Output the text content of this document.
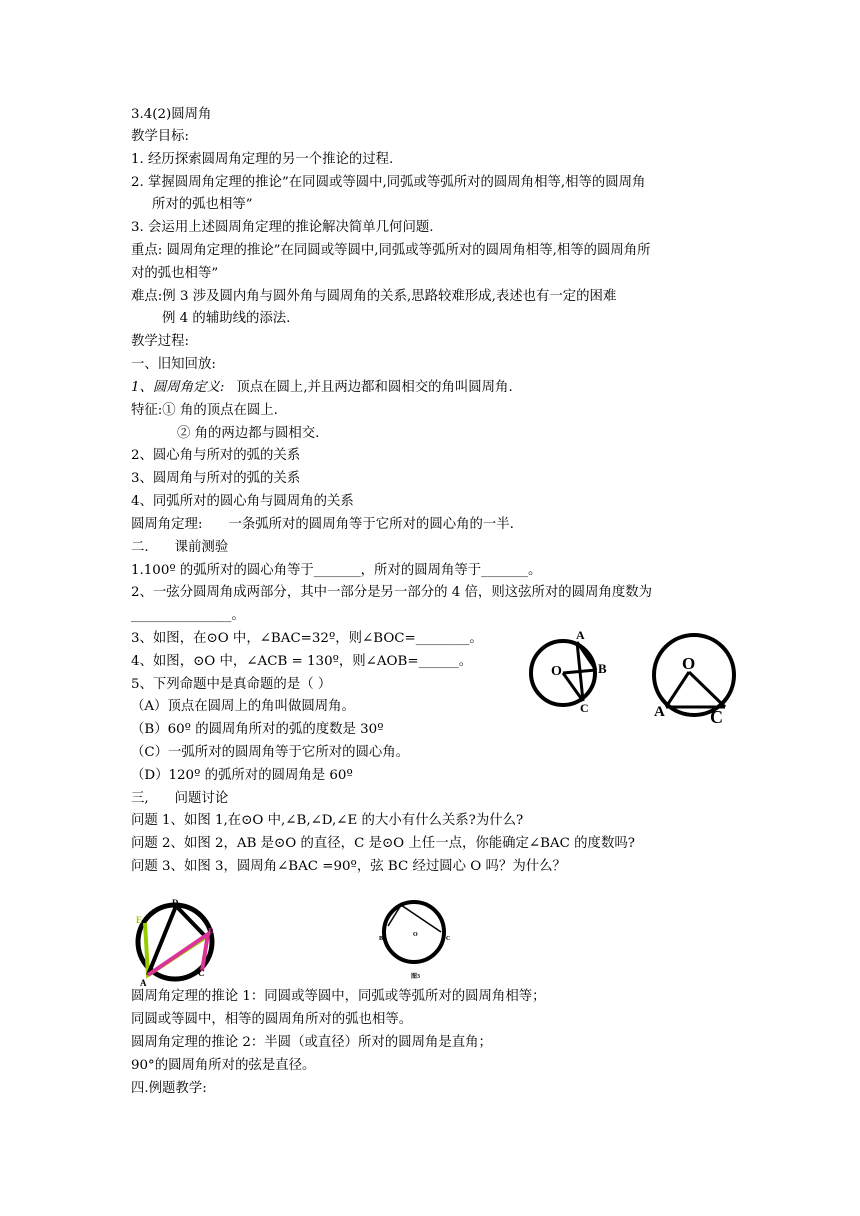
3.4(2)圆周角
教学目标:
1. 经历探索圆周角定理的另一个推论的过程.
2. 掌握圆周角定理的推论”在同圆或等圆中,同弧或等弧所对的圆周角相等,相等的圆周角
所对的弧也相等”
3. 会运用上述圆周角定理的推论解决简单几何问题.
重点: 圆周角定理的推论”在同圆或等圆中,同弧或等弧所对的圆周角相等,相等的圆周角所
对的弧也相等”
难点:例 3 涉及圆内角与圆外角与圆周角的关系,思路较难形成,表述也有一定的困难
例 4 的辅助线的添法.
教学过程:
一、旧知回放:
1、圆周角定义: 顶点在圆上,并且两边都和圆相交的角叫圆周角.
特征:① 角的顶点在圆上.
② 角的两边都与圆相交.
2、圆心角与所对的弧的关系
3、圆周角与所对的弧的关系
4、同弧所对的圆心角与圆周角的关系
圆周角定理: 一条弧所对的圆周角等于它所对的圆心角的一半.
二. 课前测验
1.100º 的弧所对的圆心角等于_______，所对的圆周角等于_______。
2、一弦分圆周角成两部分，其中一部分是另一部分的 4 倍，则这弦所对的圆周角度数为
_______________。
3、如图，在⊙O 中，∠BAC=32º，则∠BOC=________。
4、如图，⊙O 中，∠ACB = 130º，则∠AOB=______。
5、下列命题中是真命题的是（ ）
（A）顶点在圆周上的角叫做圆周角。
（B）60º 的圆周角所对的弧的度数是 30º
（C）一弧所对的圆周角等于它所对的圆心角。
（D）120º 的弧所对的圆周角是 60º
三, 问题讨论
问题 1、如图 1,在⊙O 中,∠B,∠D,∠E 的大小有什么关系?为什么?
问题 2、如图 2，AB 是⊙O 的直径，C 是⊙O 上任一点，你能确定∠BAC 的度数吗?
问题 3、如图 3，圆周角∠BAC =90º，弦 BC 经过圆心 O 吗？为什么？
圆周角定理的推论 1：同圆或等圆中，同弧或等弧所对的圆周角相等；
同圆或等圆中，相等的圆周角所对的弧也相等。
圆周角定理的推论 2：半圆（或直径）所对的圆周角是直角；
90°的圆周角所对的弦是直径。
四.例题教学:
A
O	B
C
O
A	C
D
E
F
A
C
B
O
C
图3
